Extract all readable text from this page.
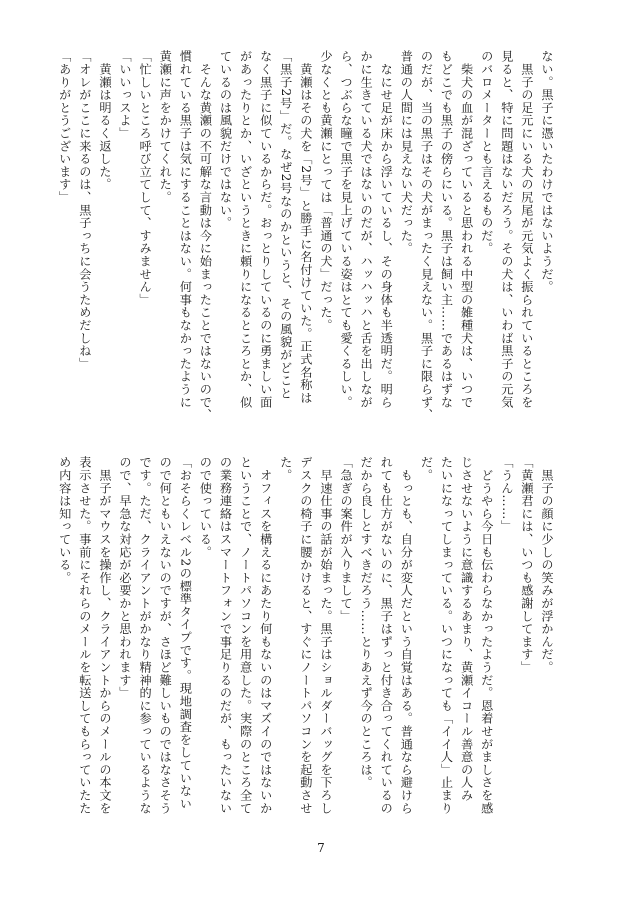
ない。黒子に憑いたわけではないようだ。
　黒子の足元にいる犬の尻尾が元気よく振られているところを
見ると、特に問題はないだろう。その犬は、いわば黒子の元気
のバロメーターとも言えるものだ。
　柴犬の血が混ざっていると思われる中型の雑種犬は、いつで
もどこでも黒子の傍らにいる。黒子は飼い主……であるはずな
のだが、当の黒子はその犬がまったく見えない。黒子に限らず、
普通の人間には見えない犬だった。
　なにせ足が床から浮いているし、その身体も半透明だ。明ら
かに生きている犬ではないのだが、ハッハッハと舌を出しなが
ら、つぶらな瞳で黒子を見上げている姿はとても愛くるしい。
少なくとも黄瀬にとっては「普通の犬」だった。
　黄瀬はその犬を「2号」と勝手に名付けていた。正式名称は
「黒子2号」だ。なぜ2号なのかというと、その風貌がどこと
なく黒子に似ているからだ。おっとりしているのに勇ましい面
があったりとか、いざというときに頼りになるところとか、似
ているのは風貌だけではない。
　そんな黄瀬の不可解な言動は今に始まったことではないので、
慣れている黒子は気にすることはない。何事もなかったように
黄瀬に声をかけてくれた。
「忙しいところ呼び立てして、すみません」
「いいっスよ」
　黄瀬は明るく返した。
「オレがここに来るのは、黒子っちに会うためだしね」
「ありがとうございます」
　黒子の顔に少しの笑みが浮かんだ。
「黄瀬君には、いつも感謝してます」
「うん……」
　どうやら今日も伝わらなかったようだ。恩着せがましさを感
じさせないように意識するあまり、黄瀬イコール善意の人み
たいになってしまっている。いつになっても「イイ人」止まり
だ。
　もっとも、自分が変人だという自覚はある。普通なら避けら
れても仕方がないのに、黒子はずっと付き合ってくれているの
だから良しとすべきだろう……とりあえず今のところは。
「急ぎの案件が入りまして」
　早速仕事の話が始まった。黒子はショルダーバッグを下ろし
デスクの椅子に腰かけると、すぐにノートパソコンを起動させ
た。
　オフィスを構えるにあたり何もないのはマズイのではないか
ということで、ノートパソコンを用意した。実際のところ全て
の業務連絡はスマートフォンで事足りるのだが、もったいない
ので使っている。
「おそらくレベル2の標準タイプです。現地調査をしていない
ので何ともいえないのですが、さほど難しいものではなさそう
です。ただ、クライアントがかなり精神的に参っているような
ので、早急な対応が必要かと思われます」
　黒子がマウスを操作し、クライアントからのメールの本文を
表示させた。事前にそれらのメールを転送してもらっていたた
め内容は知っている。
7
